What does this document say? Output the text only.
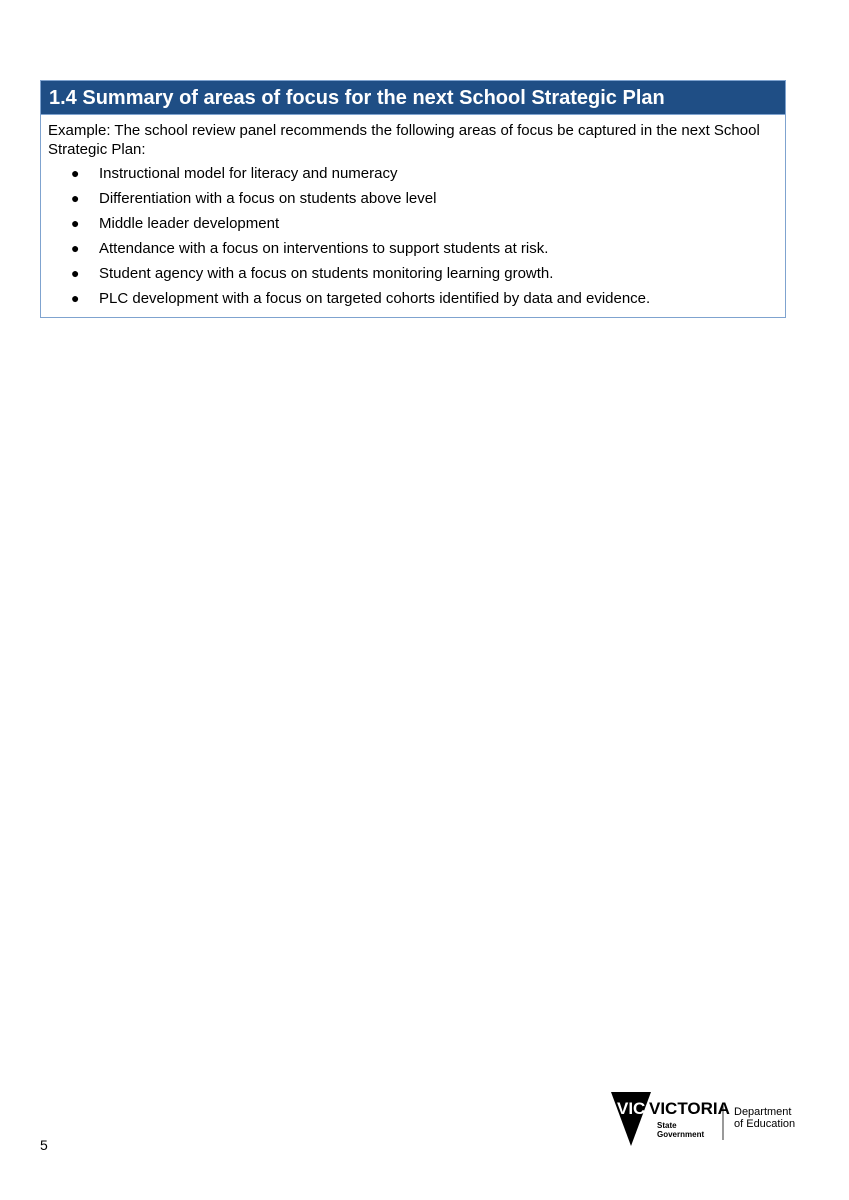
1.4 Summary of areas of focus for the next School Strategic Plan

Example: The school review panel recommends the following areas of focus be captured in the next School Strategic Plan:

● Instructional model for literacy and numeracy
● Differentiation with a focus on students above level
● Middle leader development
● Attendance with a focus on interventions to support students at risk.
● Student agency with a focus on students monitoring learning growth.
● PLC development with a focus on targeted cohorts identified by data and evidence.
5
VIC VICTORIA
State
Government
Department
of Education
